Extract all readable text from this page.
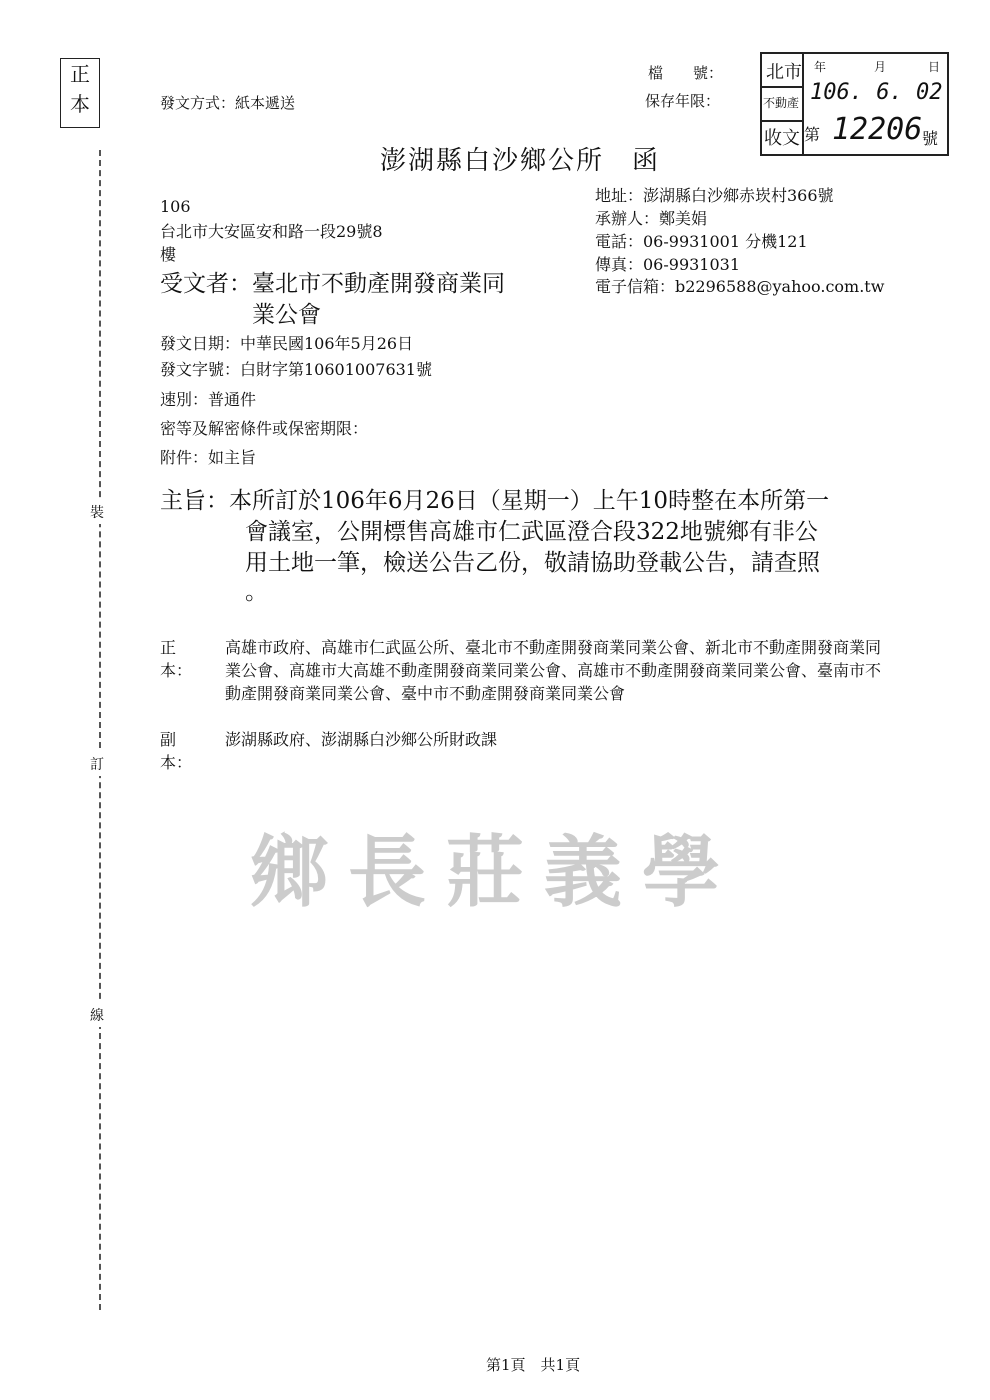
正
本
裝
訂
線
發文方式：紙本遞送
檔　　號：
保存年限：
北市
不動產
收文
年	月	日
106. 6. 02
第 12206 號
澎湖縣白沙鄉公所　函
106
台北市大安區安和路一段29號8
樓
地址：澎湖縣白沙鄉赤崁村366號
承辦人：鄭美娟
電話：06-9931001 分機121
傳真：06-9931031
電子信箱：b2296588@yahoo.com.tw
受文者：臺北市不動產開發商業同
業公會
發文日期：中華民國106年5月26日
發文字號：白財字第10601007631號
速別：普通件
密等及解密條件或保密期限：
附件：如主旨
主旨：本所訂於106年6月26日（星期一）上午10時整在本所第一
會議室，公開標售高雄市仁武區澄合段322地號鄉有非公
用土地一筆，檢送公告乙份，敬請協助登載公告，請查照
。
正本：
高雄市政府、高雄市仁武區公所、臺北市不動產開發商業同業公會、新北市不動產開發商業同業公會、高雄市大高雄不動產開發商業同業公會、高雄市不動產開發商業同業公會、臺南市不動產開發商業同業公會、臺中市不動產開發商業同業公會
副本：
澎湖縣政府、澎湖縣白沙鄉公所財政課
鄉長莊義學
第1頁　共1頁
